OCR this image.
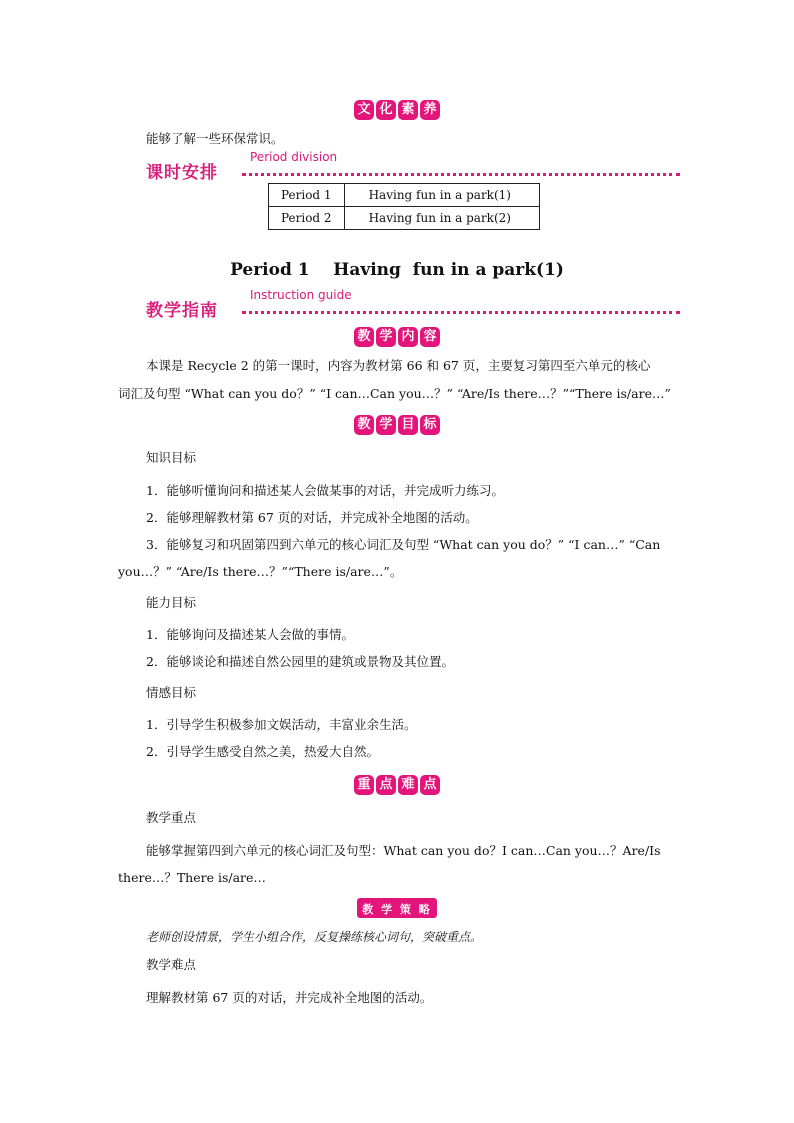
文 化 素 养
能够了解一些环保常识。
课时安排
Period division
Period 1	Having fun in a park(1)
Period 2	Having fun in a park(2)
Period 1    Having  fun in a park(1)
教学指南
Instruction guide
教 学 内 容
本课是 Recycle 2 的第一课时，内容为教材第 66 和 67 页，主要复习第四至六单元的核心
词汇及句型 “What can you do？” “I can…Can you…？” “Are/Is there…？”“There is/are…”
教 学 目 标
知识目标
1．能够听懂询问和描述某人会做某事的对话，并完成听力练习。
2．能够理解教材第 67 页的对话，并完成补全地图的活动。
3．能够复习和巩固第四到六单元的核心词汇及句型 “What can you do？” “I can…” “Can
you…？” “Are/Is there…？”“There is/are…”。
能力目标
1．能够询问及描述某人会做的事情。
2．能够谈论和描述自然公园里的建筑或景物及其位置。
情感目标
1．引导学生积极参加文娱活动，丰富业余生活。
2．引导学生感受自然之美，热爱大自然。
重 点 难 点
教学重点
能够掌握第四到六单元的核心词汇及句型：What can you do？I can…Can you…？Are/Is
there…？There is/are…
教 学 策 略
老师创设情景，学生小组合作，反复操练核心词句，突破重点。
教学难点
理解教材第 67 页的对话，并完成补全地图的活动。
